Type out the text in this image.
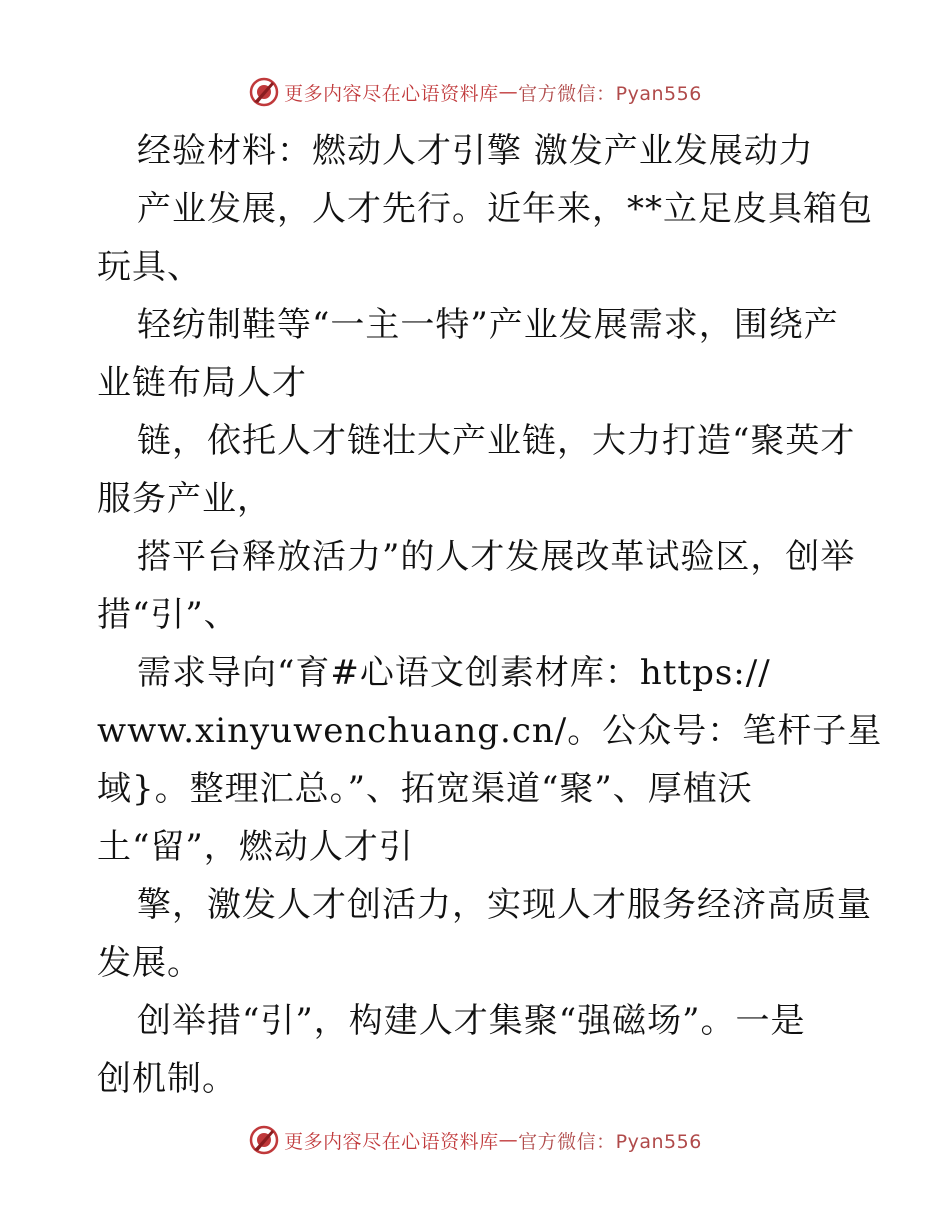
更多内容尽在心语资料库 — 官方微信：Pyan556
经验材料：燃动人才引擎 激发产业发展动力
产业发展，人才先行。近年来，**立足皮具箱包
玩具、
轻纺制鞋等“一主一特”产业发展需求，围绕产
业链布局人才
链，依托人才链壮大产业链，大力打造“聚英才
服务产业，
搭平台释放活力”的人才发展改革试验区，创举
措“引”、
需求导向“育#心语文创素材库：https://
www.xinyuwenchuang.cn/。公众号：笔杆子星
域}。整理汇总。”、拓宽渠道“聚”、厚植沃
土“留”，燃动人才引
擎，激发人才创活力，实现人才服务经济高质量
发展。
创举措“引”，构建人才集聚“强磁场”。一是
创机制。
更多内容尽在心语资料库 — 官方微信：Pyan556
